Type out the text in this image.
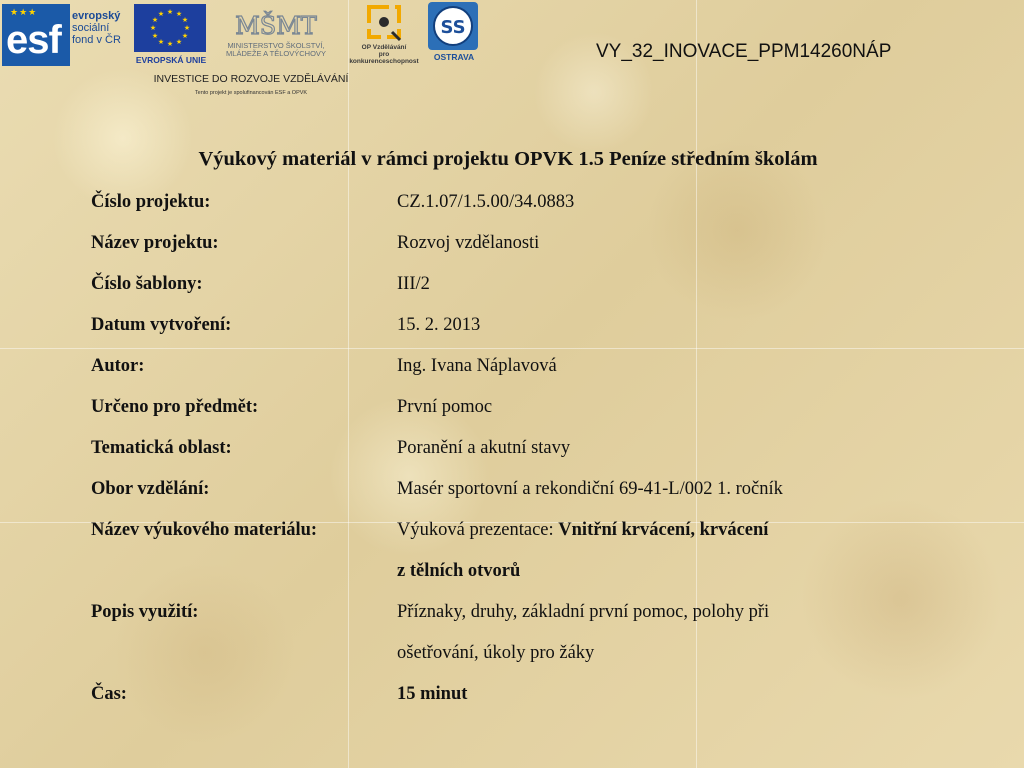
★★★
esf
evropský
sociální
fond v ČR
★ ★
★
★
★
★
★
★
★
★
★
★
EVROPSKÁ UNIE
MŠMT
MINISTERSTVO ŠKOLSTVÍ,
MLÁDEŽE A TĚLOVÝCHOVY
OP Vzdělávání
pro konkurenceschopnost
SS
OSTRAVA
INVESTICE DO ROZVOJE VZDĚLÁVÁNÍ
Tento projekt je spolufinancován ESF a OPVK
VY_32_INOVACE_PPM14260NÁP
Výukový materiál v rámci projektu OPVK 1.5 Peníze středním školám
Číslo projektu:	CZ.1.07/1.5.00/34.0883
Název projektu:	Rozvoj vzdělanosti
Číslo šablony:	III/2
Datum vytvoření:	15. 2. 2013
Autor:	Ing. Ivana Náplavová
Určeno pro předmět:	První pomoc
Tematická oblast:	Poranění a akutní stavy
Obor vzdělání:	Masér sportovní a rekondiční 69-41-L/002 1. ročník
Název výukového materiálu:	Výuková prezentace: Vnitřní krvácení, krvácení
z tělních otvorů
Popis využití:	Příznaky, druhy, základní první pomoc, polohy při
ošetřování, úkoly pro žáky
Čas:	15 minut
